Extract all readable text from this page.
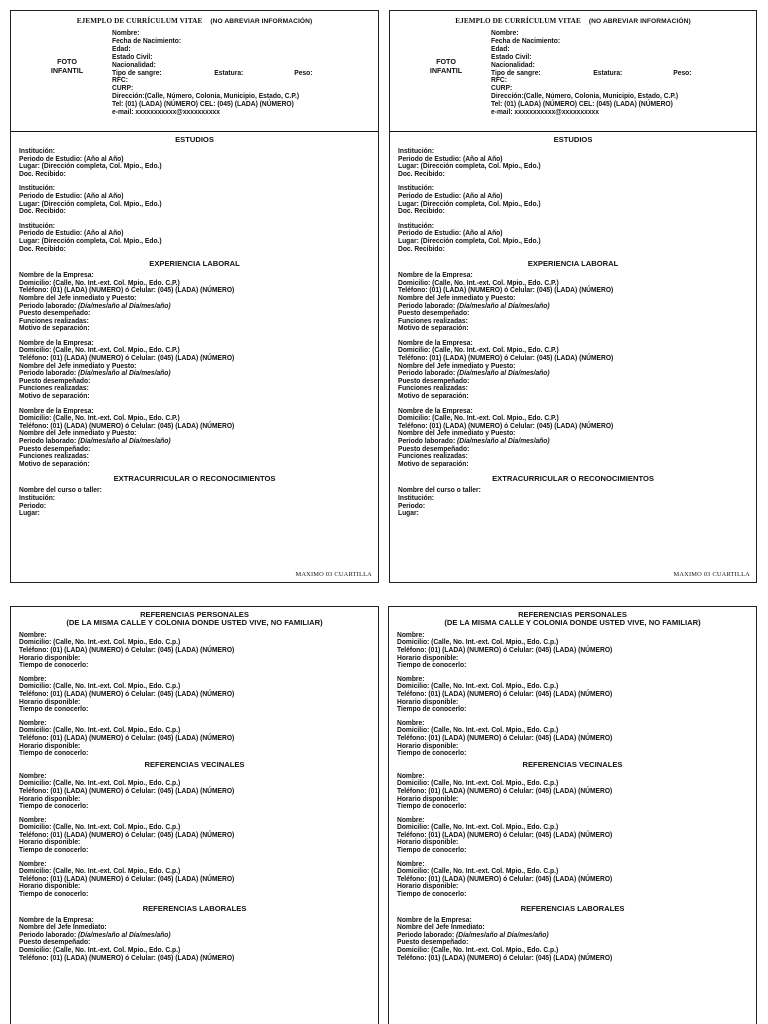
EJEMPLO DE CURRÍCULUM VITAE (NO ABREVIAR INFORMACIÓN)
FOTO
INFANTIL
Nombre:
Fecha de Nacimiento:
Edad:
Estado Civil:
Nacionalidad:
Tipo de sangre:	Estatura:	Peso:
RFC:
CURP:
Dirección:(Calle, Número, Colonia, Municipio, Estado, C.P.)
Tel: (01) (LADA) (NÚMERO) CEL: (045) (LADA) (NÚMERO)
e-mail: xxxxxxxxxxx@xxxxxxxxxx
ESTUDIOS
Institución:
Periodo de Estudio: (Año al Año)
Lugar: (Dirección completa, Col. Mpio., Edo.)
Doc. Recibido:
Institución:
Periodo de Estudio: (Año al Año)
Lugar: (Dirección completa, Col. Mpio., Edo.)
Doc. Recibido:
Institución:
Periodo de Estudio: (Año al Año)
Lugar: (Dirección completa, Col. Mpio., Edo.)
Doc. Recibido:
EXPERIENCIA LABORAL
Nombre de la Empresa:
Domicilio: (Calle, No. Int.-ext. Col. Mpio., Edo. C.P.)
Teléfono: (01) (LADA) (NUMERO) ó Celular: (045) (LADA) (NÚMERO)
Nombre del Jefe inmediato y Puesto:
Periodo laborado: (Día/mes/año al Día/mes/año)
Puesto desempeñado:
Funciones realizadas:
Motivo de separación:
Nombre de la Empresa:
Domicilio: (Calle, No. Int.-ext. Col. Mpio., Edo. C.P.)
Teléfono: (01) (LADA) (NUMERO) ó Celular: (045) (LADA) (NÚMERO)
Nombre del Jefe inmediato y Puesto:
Periodo laborado: (Día/mes/año al Día/mes/año)
Puesto desempeñado:
Funciones realizadas:
Motivo de separación:
Nombre de la Empresa:
Domicilio: (Calle, No. Int.-ext. Col. Mpio., Edo. C.P.)
Teléfono: (01) (LADA) (NUMERO) ó Celular: (045) (LADA) (NÚMERO)
Nombre del Jefe inmediato y Puesto:
Periodo laborado: (Día/mes/año al Día/mes/año)
Puesto desempeñado:
Funciones realizadas:
Motivo de separación:
EXTRACURRICULAR O RECONOCIMIENTOS
Nombre del curso o taller:
Institución:
Periodo:
Lugar:
MAXIMO 03 CUARTILLA
EJEMPLO DE CURRÍCULUM VITAE (NO ABREVIAR INFORMACIÓN)
FOTO
INFANTIL
Nombre:
Fecha de Nacimiento:
Edad:
Estado Civil:
Nacionalidad:
Tipo de sangre:	Estatura:	Peso:
RFC:
CURP:
Dirección:(Calle, Número, Colonia, Municipio, Estado, C.P.)
Tel: (01) (LADA) (NÚMERO) CEL: (045) (LADA) (NÚMERO)
e-mail: xxxxxxxxxxx@xxxxxxxxxx
ESTUDIOS
Institución:
Periodo de Estudio: (Año al Año)
Lugar: (Dirección completa, Col. Mpio., Edo.)
Doc. Recibido:
Institución:
Periodo de Estudio: (Año al Año)
Lugar: (Dirección completa, Col. Mpio., Edo.)
Doc. Recibido:
Institución:
Periodo de Estudio: (Año al Año)
Lugar: (Dirección completa, Col. Mpio., Edo.)
Doc. Recibido:
EXPERIENCIA LABORAL
Nombre de la Empresa:
Domicilio: (Calle, No. Int.-ext. Col. Mpio., Edo. C.P.)
Teléfono: (01) (LADA) (NUMERO) ó Celular: (045) (LADA) (NÚMERO)
Nombre del Jefe inmediato y Puesto:
Periodo laborado: (Día/mes/año al Día/mes/año)
Puesto desempeñado:
Funciones realizadas:
Motivo de separación:
Nombre de la Empresa:
Domicilio: (Calle, No. Int.-ext. Col. Mpio., Edo. C.P.)
Teléfono: (01) (LADA) (NUMERO) ó Celular: (045) (LADA) (NÚMERO)
Nombre del Jefe inmediato y Puesto:
Periodo laborado: (Día/mes/año al Día/mes/año)
Puesto desempeñado:
Funciones realizadas:
Motivo de separación:
Nombre de la Empresa:
Domicilio: (Calle, No. Int.-ext. Col. Mpio., Edo. C.P.)
Teléfono: (01) (LADA) (NUMERO) ó Celular: (045) (LADA) (NÚMERO)
Nombre del Jefe inmediato y Puesto:
Periodo laborado: (Día/mes/año al Día/mes/año)
Puesto desempeñado:
Funciones realizadas:
Motivo de separación:
EXTRACURRICULAR O RECONOCIMIENTOS
Nombre del curso o taller:
Institución:
Periodo:
Lugar:
MAXIMO 03 CUARTILLA
REFERENCIAS PERSONALES
(DE LA MISMA CALLE Y COLONIA DONDE USTED VIVE, NO FAMILIAR)
Nombre:
Domicilio: (Calle, No. Int.-ext. Col. Mpio., Edo. C.p.)
Teléfono: (01) (LADA) (NUMERO) ó Celular: (045) (LADA) (NÚMERO)
Horario disponible:
Tiempo de conocerlo:
Nombre:
Domicilio: (Calle, No. Int.-ext. Col. Mpio., Edo. C.p.)
Teléfono: (01) (LADA) (NUMERO) ó Celular: (045) (LADA) (NÚMERO)
Horario disponible:
Tiempo de conocerlo:
Nombre:
Domicilio: (Calle, No. Int.-ext. Col. Mpio., Edo. C.p.)
Teléfono: (01) (LADA) (NUMERO) ó Celular: (045) (LADA) (NÚMERO)
Horario disponible:
Tiempo de conocerlo:
REFERENCIAS VECINALES
Nombre:
Domicilio: (Calle, No. Int.-ext. Col. Mpio., Edo. C.p.)
Teléfono: (01) (LADA) (NUMERO) ó Celular: (045) (LADA) (NÚMERO)
Horario disponible:
Tiempo de conocerlo:
Nombre:
Domicilio: (Calle, No. Int.-ext. Col. Mpio., Edo. C.p.)
Teléfono: (01) (LADA) (NUMERO) ó Celular: (045) (LADA) (NÚMERO)
Horario disponible:
Tiempo de conocerlo:
Nombre:
Domicilio: (Calle, No. Int.-ext. Col. Mpio., Edo. C.p.)
Teléfono: (01) (LADA) (NUMERO) ó Celular: (045) (LADA) (NÚMERO)
Horario disponible:
Tiempo de conocerlo:
REFERENCIAS LABORALES
Nombre de la Empresa:
Nombre del Jefe Inmediato:
Periodo laborado: (Día/mes/año al Día/mes/año)
Puesto desempeñado:
Domicilio: (Calle, No. Int.-ext. Col. Mpio., Edo. C.p.)
Teléfono: (01) (LADA) (NUMERO) ó Celular: (045) (LADA) (NÚMERO)
REFERENCIAS PERSONALES
(DE LA MISMA CALLE Y COLONIA DONDE USTED VIVE, NO FAMILIAR)
Nombre:
Domicilio: (Calle, No. Int.-ext. Col. Mpio., Edo. C.p.)
Teléfono: (01) (LADA) (NUMERO) ó Celular: (045) (LADA) (NÚMERO)
Horario disponible:
Tiempo de conocerlo:
Nombre:
Domicilio: (Calle, No. Int.-ext. Col. Mpio., Edo. C.p.)
Teléfono: (01) (LADA) (NUMERO) ó Celular: (045) (LADA) (NÚMERO)
Horario disponible:
Tiempo de conocerlo:
Nombre:
Domicilio: (Calle, No. Int.-ext. Col. Mpio., Edo. C.p.)
Teléfono: (01) (LADA) (NUMERO) ó Celular: (045) (LADA) (NÚMERO)
Horario disponible:
Tiempo de conocerlo:
REFERENCIAS VECINALES
Nombre:
Domicilio: (Calle, No. Int.-ext. Col. Mpio., Edo. C.p.)
Teléfono: (01) (LADA) (NUMERO) ó Celular: (045) (LADA) (NÚMERO)
Horario disponible:
Tiempo de conocerlo:
Nombre:
Domicilio: (Calle, No. Int.-ext. Col. Mpio., Edo. C.p.)
Teléfono: (01) (LADA) (NUMERO) ó Celular: (045) (LADA) (NÚMERO)
Horario disponible:
Tiempo de conocerlo:
Nombre:
Domicilio: (Calle, No. Int.-ext. Col. Mpio., Edo. C.p.)
Teléfono: (01) (LADA) (NUMERO) ó Celular: (045) (LADA) (NÚMERO)
Horario disponible:
Tiempo de conocerlo:
REFERENCIAS LABORALES
Nombre de la Empresa:
Nombre del Jefe Inmediato:
Periodo laborado: (Día/mes/año al Día/mes/año)
Puesto desempeñado:
Domicilio: (Calle, No. Int.-ext. Col. Mpio., Edo. C.p.)
Teléfono: (01) (LADA) (NUMERO) ó Celular: (045) (LADA) (NÚMERO)
